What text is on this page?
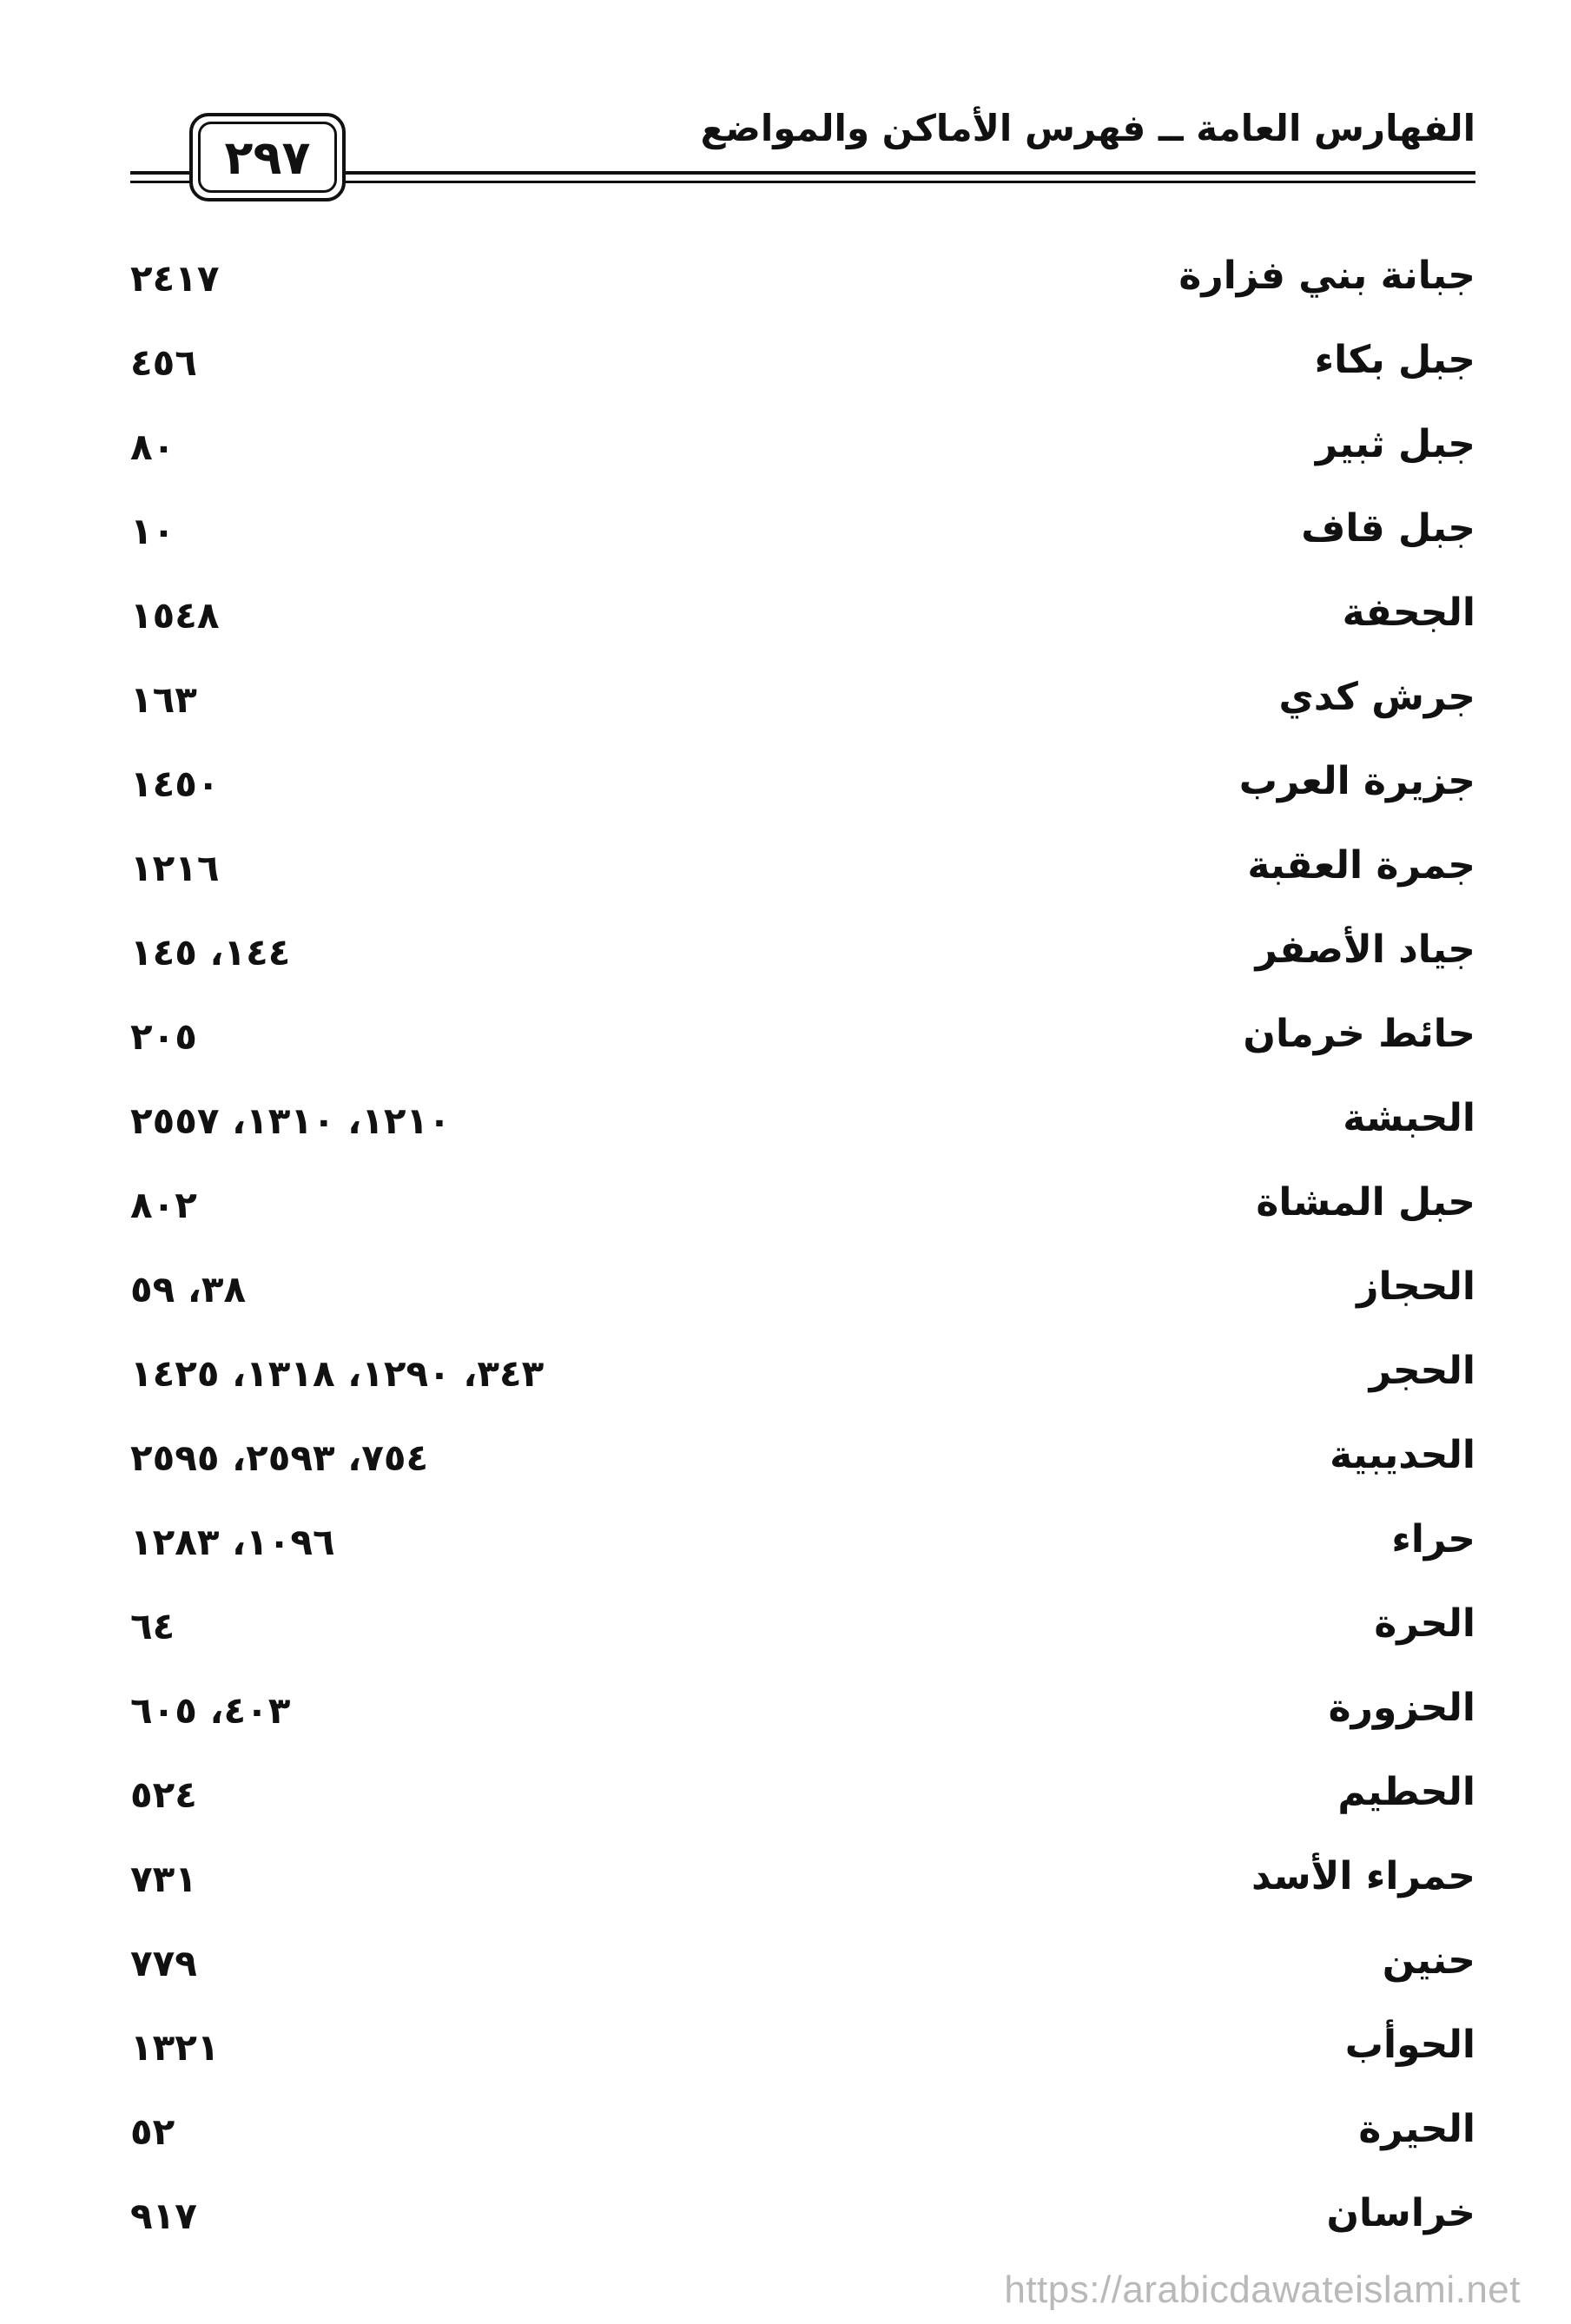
الفهارس العامة ــ فهرس الأماكن والمواضع
٢٩٧
جبانة بني فزارة
٢٤١٧
جبل بكاء
٤٥٦
جبل ثبير
٨٠
جبل قاف
١٠
الجحفة
١٥٤٨
جرش كدي
١٦٣
جزيرة العرب
١٤٥٠
جمرة العقبة
١٢١٦
جياد الأصفر
١٤٤، ١٤٥
حائط خرمان
٢٠٥
الحبشة
١٢١٠، ١٣١٠، ٢٥٥٧
حبل المشاة
٨٠٢
الحجاز
٣٨، ٥٩
الحجر
٣٤٣، ١٢٩٠، ١٣١٨، ١٤٢٥
الحديبية
٧٥٤، ٢٥٩٣، ٢٥٩٥
حراء
١٠٩٦، ١٢٨٣
الحرة
٦٤
الحزورة
٤٠٣، ٦٠٥
الحطيم
٥٢٤
حمراء الأسد
٧٣١
حنين
٧٧٩
الحوأب
١٣٢١
الحيرة
٥٢
خراسان
٩١٧
https://arabicdawateislami.net
